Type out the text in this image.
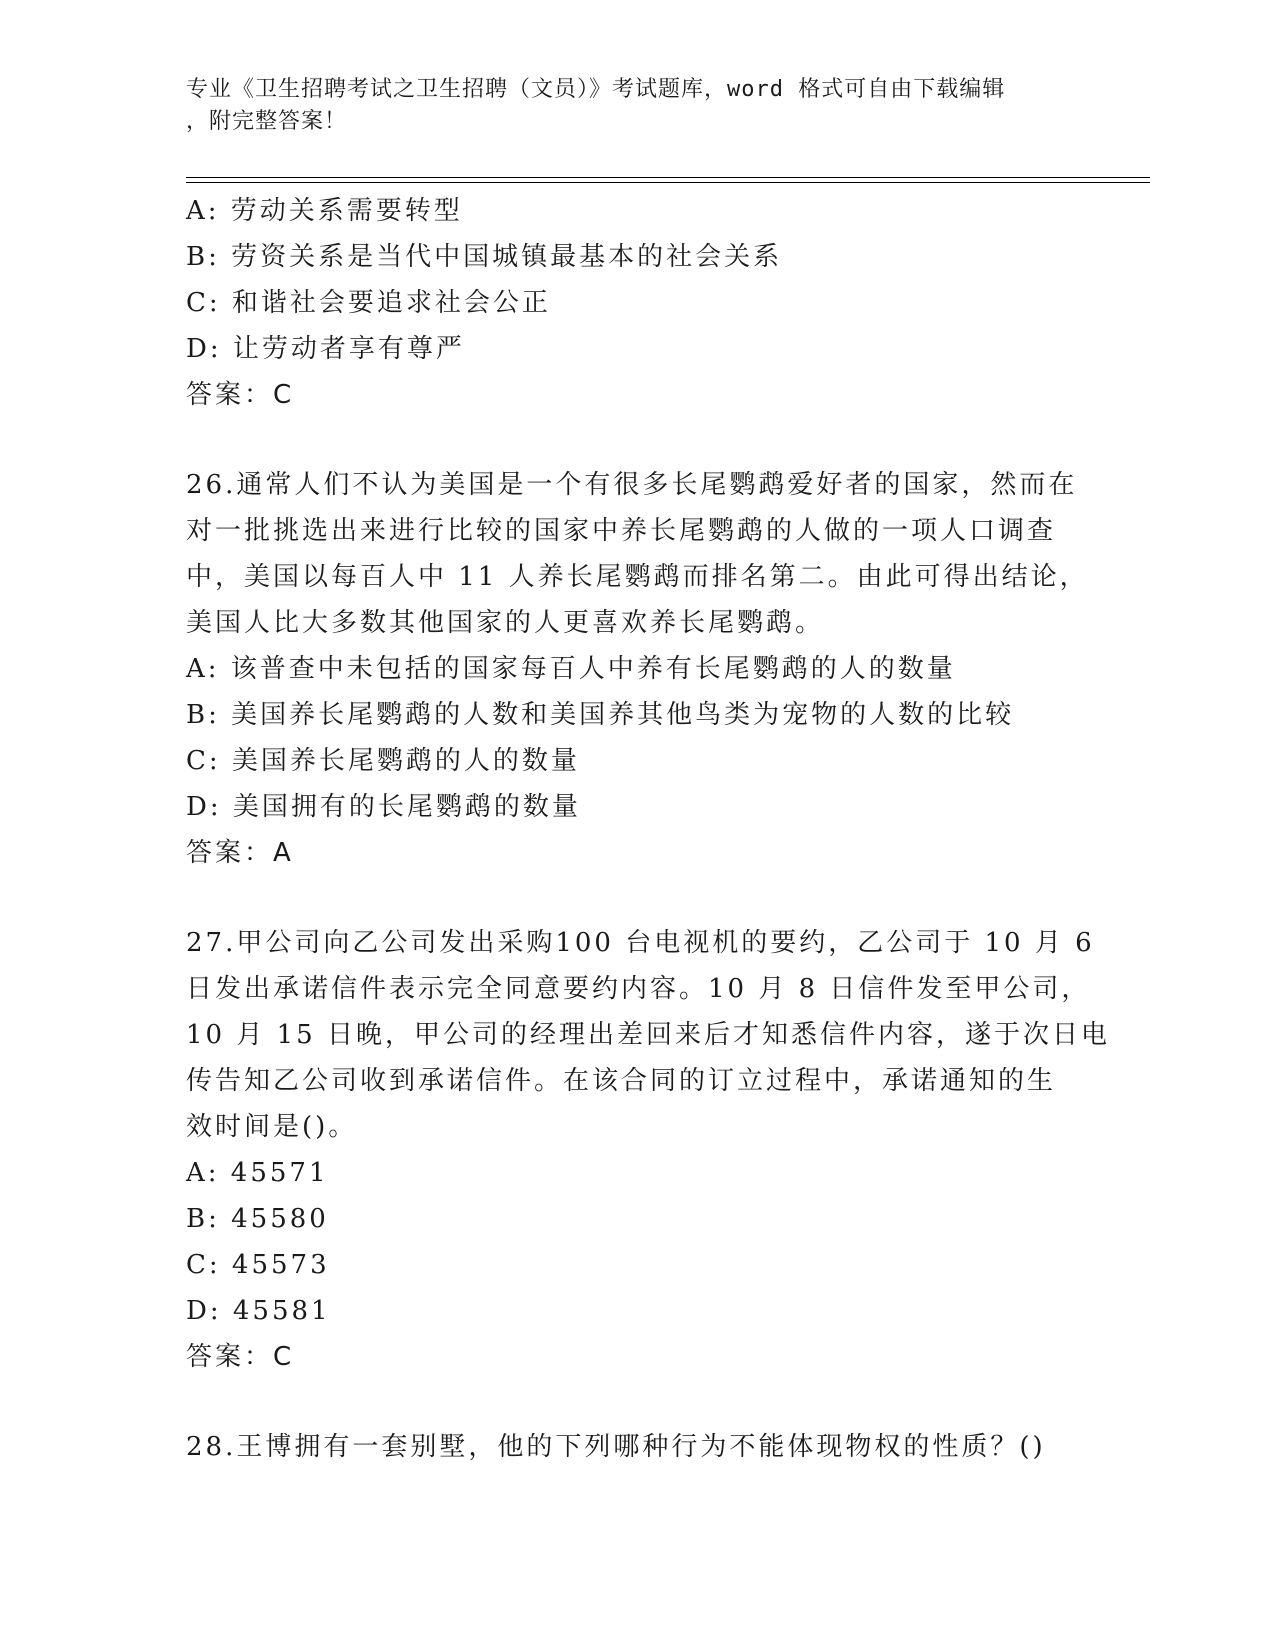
专业《卫生招聘考试之卫生招聘（文员）》考试题库，word 格式可自由下载编辑
，附完整答案！
A: 劳动关系需要转型
B: 劳资关系是当代中国城镇最基本的社会关系
C: 和谐社会要追求社会公正
D: 让劳动者享有尊严
答案：C
26.通常人们不认为美国是一个有很多长尾鹦鹉爱好者的国家，然而在
对一批挑选出来进行比较的国家中养长尾鹦鹉的人做的一项人口调查
中，美国以每百人中 11 人养长尾鹦鹉而排名第二。由此可得出结论，
美国人比大多数其他国家的人更喜欢养长尾鹦鹉。
A: 该普查中未包括的国家每百人中养有长尾鹦鹉的人的数量
B: 美国养长尾鹦鹉的人数和美国养其他鸟类为宠物的人数的比较
C: 美国养长尾鹦鹉的人的数量
D: 美国拥有的长尾鹦鹉的数量
答案：A
27.甲公司向乙公司发出采购100 台电视机的要约，乙公司于 10 月 6
日发出承诺信件表示完全同意要约内容。10 月 8 日信件发至甲公司，
10 月 15 日晚，甲公司的经理出差回来后才知悉信件内容，遂于次日电
传告知乙公司收到承诺信件。在该合同的订立过程中，承诺通知的生
效时间是()。
A: 45571
B: 45580
C: 45573
D: 45581
答案：C
28.王博拥有一套别墅，他的下列哪种行为不能体现物权的性质？()
